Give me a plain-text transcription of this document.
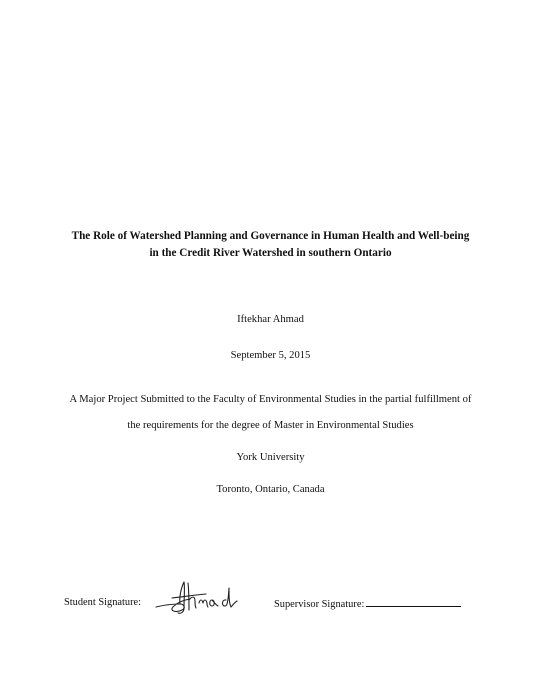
The Role of Watershed Planning and Governance in Human Health and Well-being
in the Credit River Watershed in southern Ontario
Iftekhar Ahmad
September 5, 2015
A Major Project Submitted to the Faculty of Environmental Studies in the partial fulfillment of
the requirements for the degree of Master in Environmental Studies
York University
Toronto, Ontario, Canada
Student Signature:
Ahmad
Supervisor Signature:
